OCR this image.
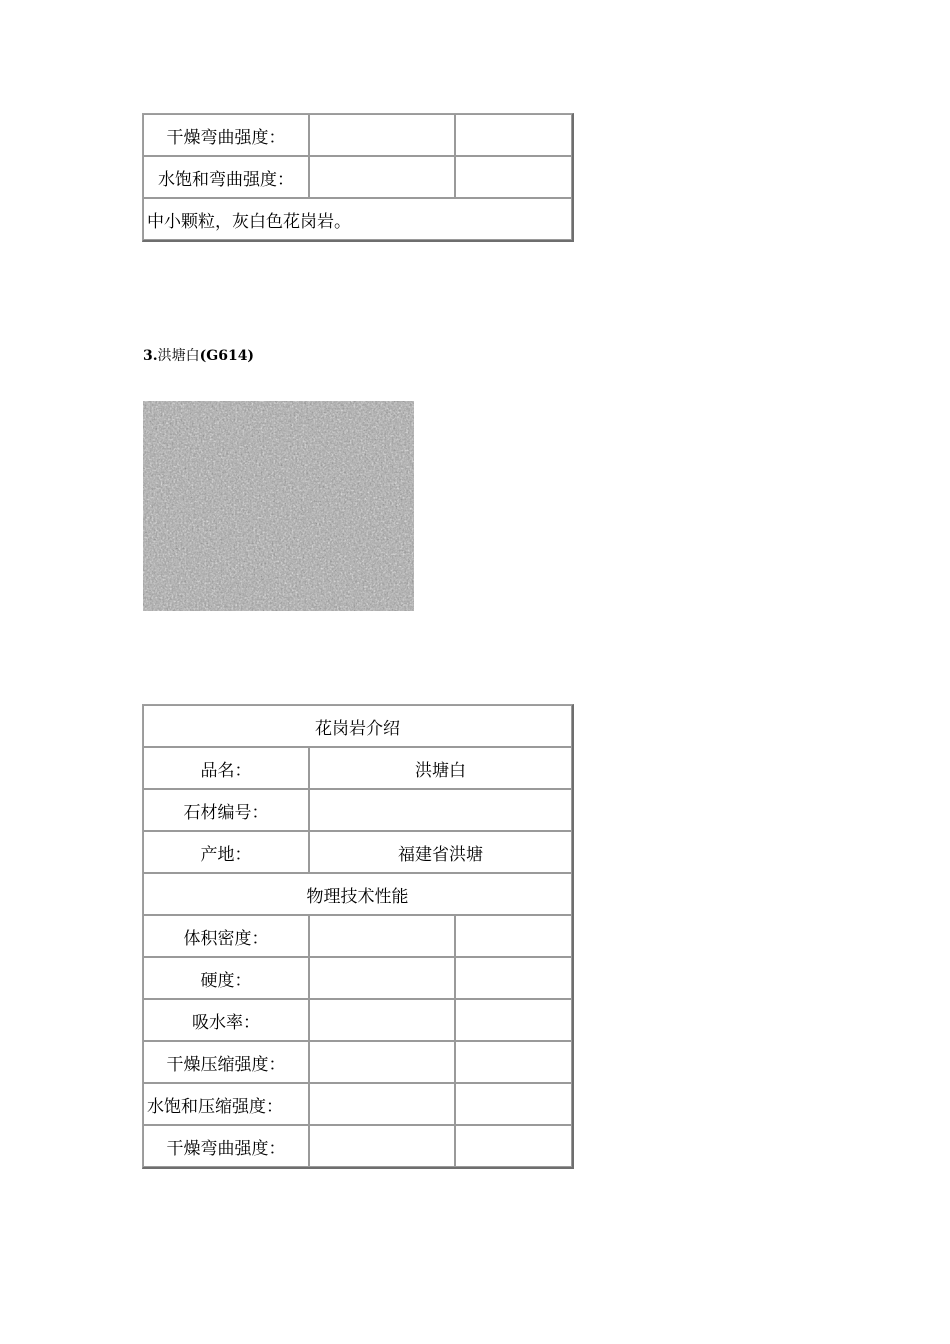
干燥弯曲强度：		
水饱和弯曲强度：		
中小颗粒，灰白色花岗岩。		
3.洪塘白(G614)
花岗岩介绍		
品名：	洪塘白	
石材编号：		
产地：	福建省洪塘	
物理技术性能		
体积密度：		
硬度：		
吸水率：		
干燥压缩强度：		
水饱和压缩强度：		
干燥弯曲强度：		
